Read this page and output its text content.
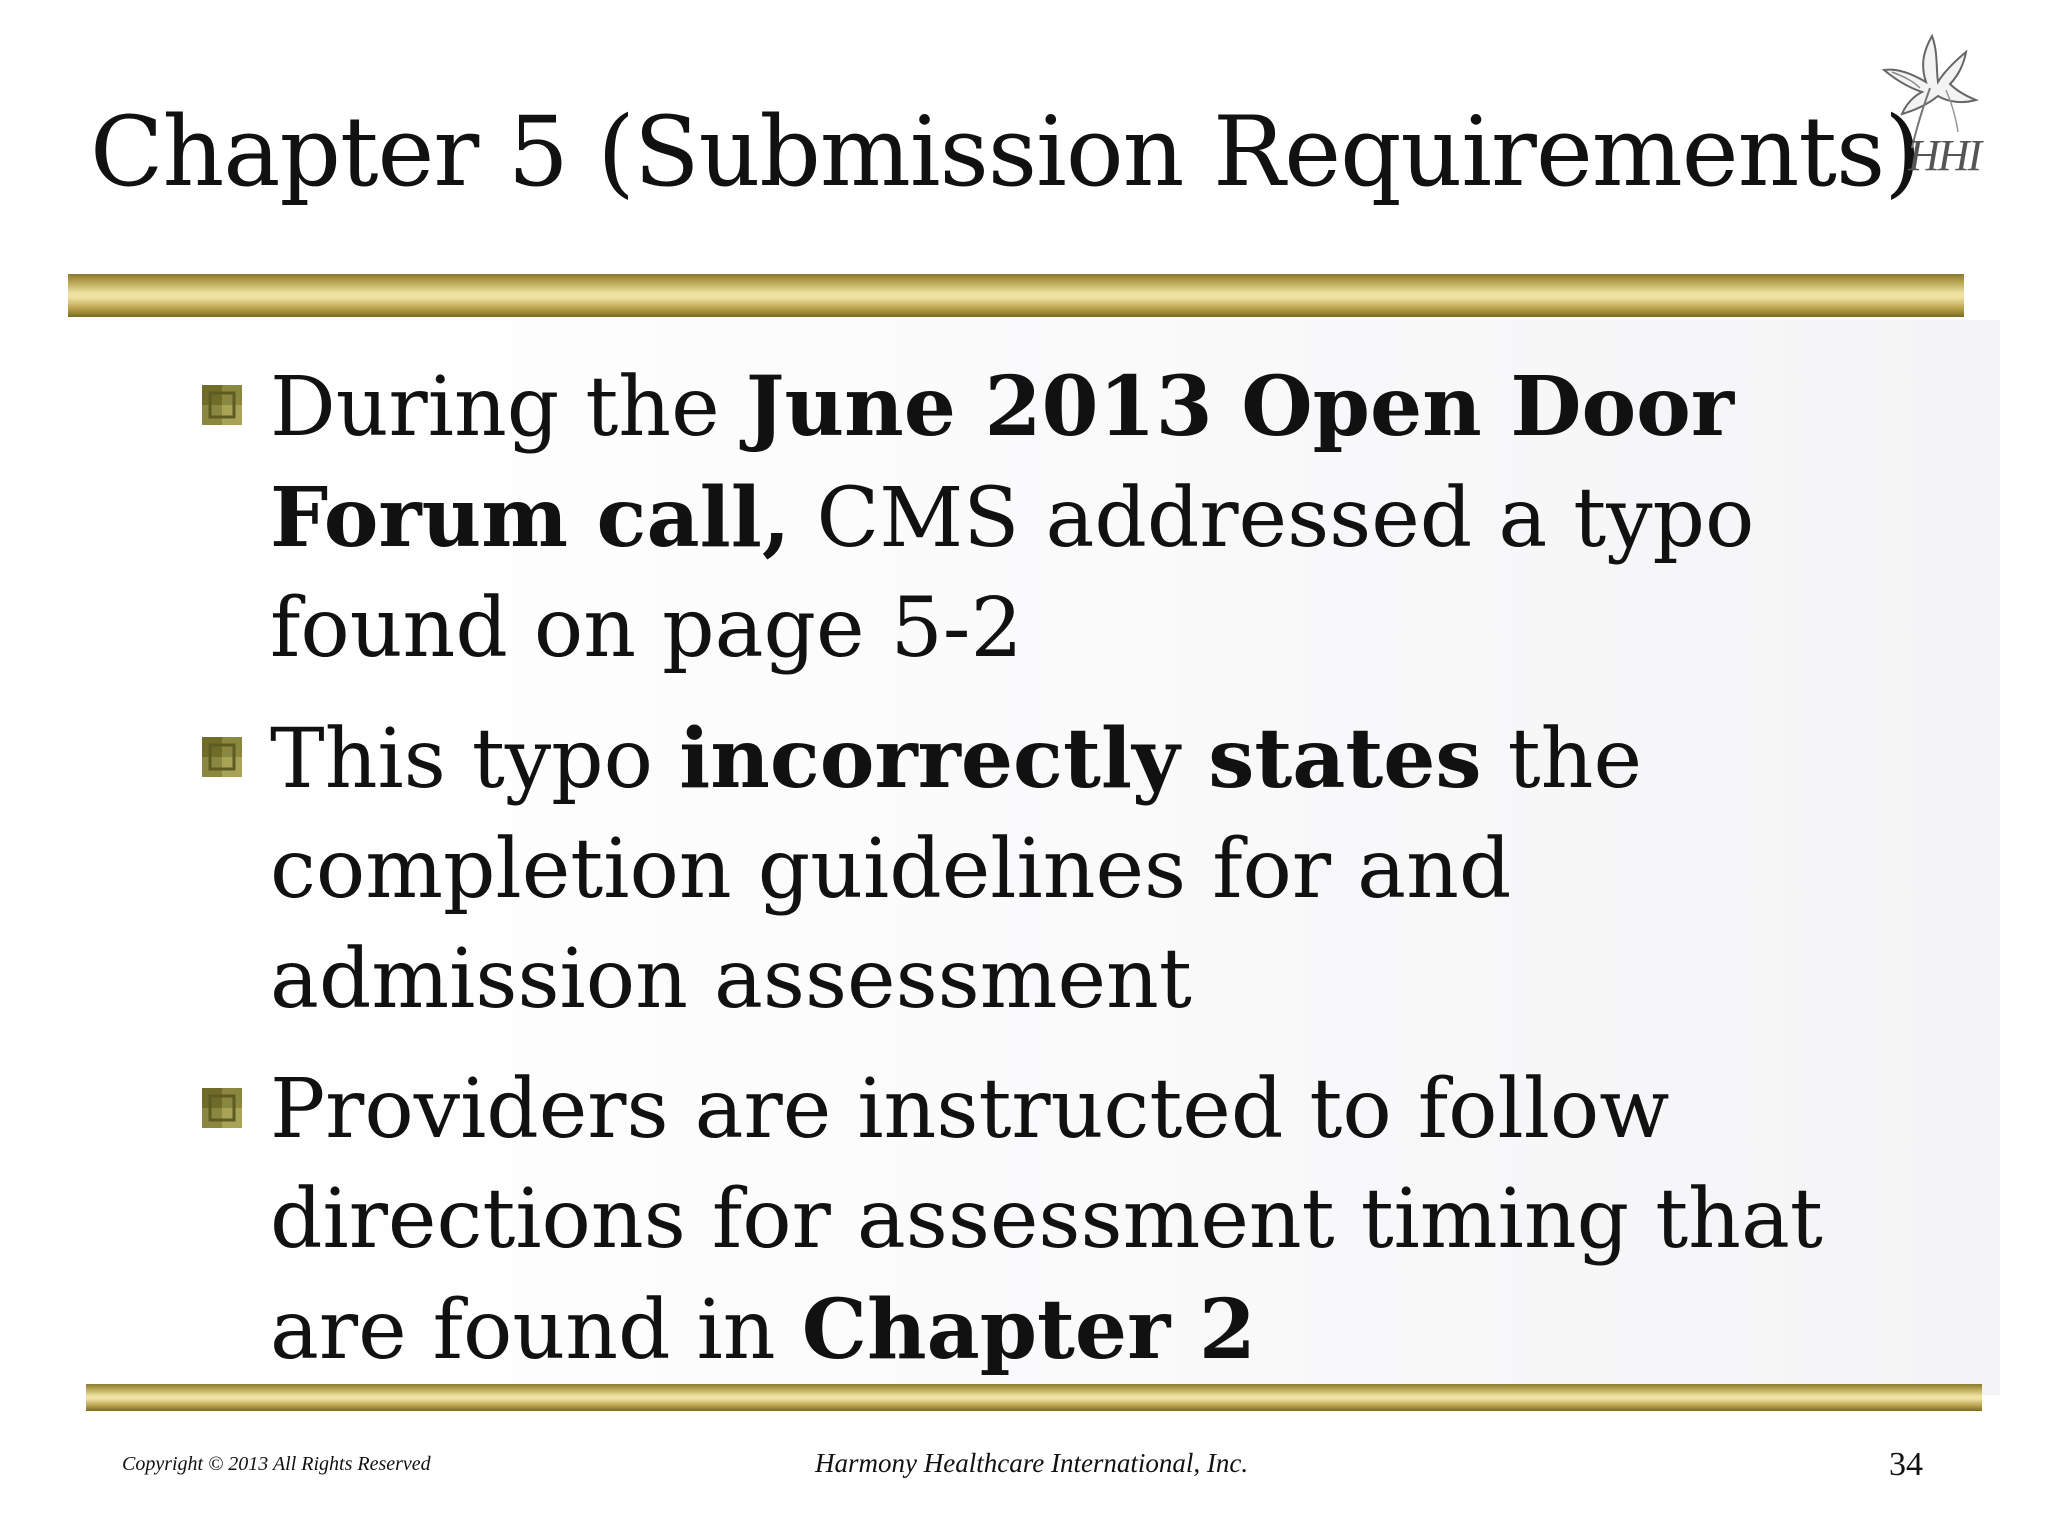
Chapter 5 (Submission Requirements)
HHI
During the June 2013 Open Door Forum call, CMS addressed a typo found on page 5-2
This typo incorrectly states the completion guidelines for and admission assessment
Providers are instructed to follow directions for assessment timing that are found in Chapter 2
Copyright © 2013 All Rights Reserved	Harmony Healthcare International, Inc.	34
